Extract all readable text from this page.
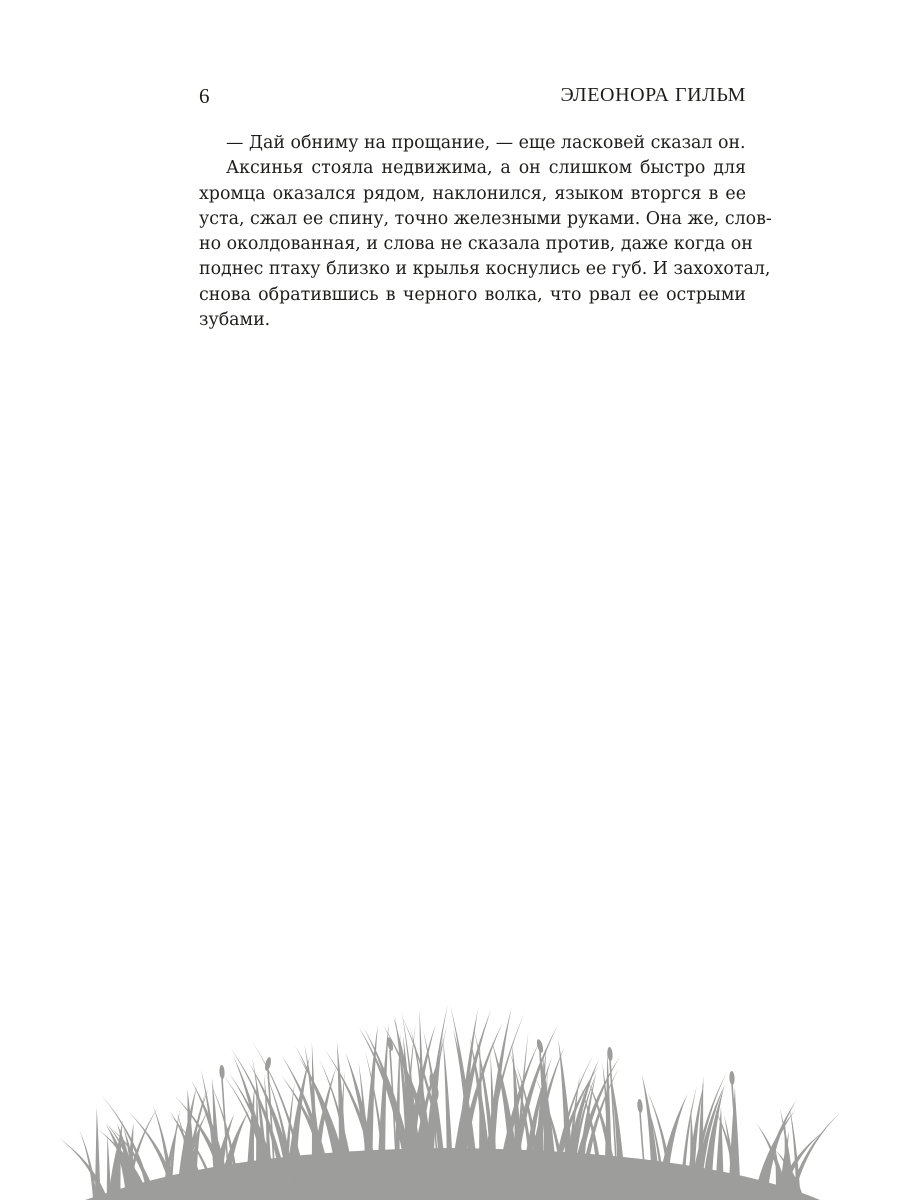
6	ЭЛЕОНОРА ГИЛЬМ
— Дай обниму на прощание, — еще ласковей сказал он.
Аксинья стояла недвижима, а он слишком быстро для
хромца оказался рядом, наклонился, языком вторгся в ее
уста, сжал ее спину, точно железными руками. Она же, слов-
но околдованная, и слова не сказала против, даже когда он
поднес птаху близко и крылья коснулись ее губ. И захохотал,
снова обратившись в черного волка, что рвал ее острыми
зубами.
